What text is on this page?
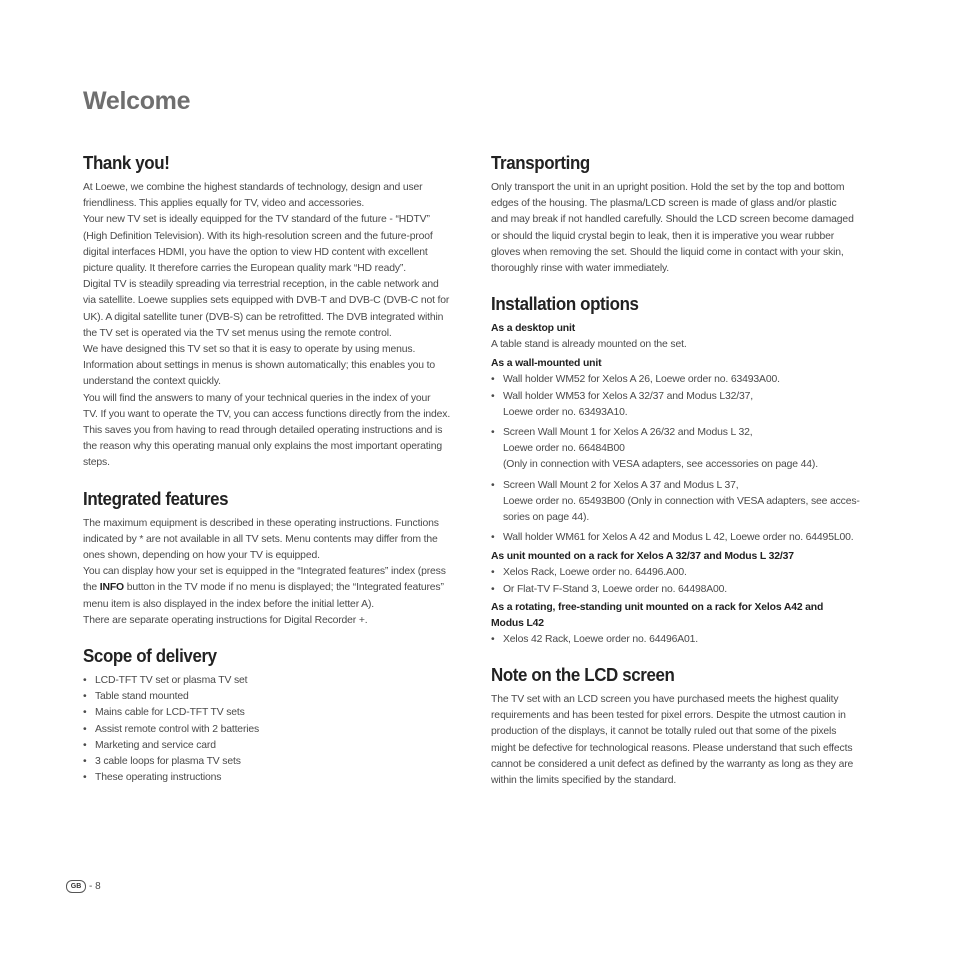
Welcome
Thank you!

At Loewe, we combine the highest standards of technology, design and user
friendliness. This applies equally for TV, video and accessories.
Your new TV set is ideally equipped for the TV standard of the future - “HDTV”
(High Definition Television). With its high-resolution screen and the future-proof
digital interfaces HDMI, you have the option to view HD content with excellent
picture quality. It therefore carries the European quality mark “HD ready”.
Digital TV is steadily spreading via terrestrial reception, in the cable network and
via satellite. Loewe supplies sets equipped with DVB-T and DVB-C (DVB-C not for
UK). A digital satellite tuner (DVB-S) can be retrofitted. The DVB integrated within
the TV set is operated via the TV set menus using the remote control.
We have designed this TV set so that it is easy to operate by using menus.
Information about settings in menus is shown automatically; this enables you to
understand the context quickly.
You will find the answers to many of your technical queries in the index of your
TV. If you want to operate the TV, you can access functions directly from the index.
This saves you from having to read through detailed operating instructions and is
the reason why this operating manual only explains the most important operating
steps.

Integrated features

The maximum equipment is described in these operating instructions. Functions
indicated by * are not available in all TV sets. Menu contents may differ from the
ones shown, depending on how your TV is equipped.
You can display how your set is equipped in the “Integrated features” index (press
the INFO button in the TV mode if no menu is displayed; the “Integrated features”
menu item is also displayed in the index before the initial letter A).
There are separate operating instructions for Digital Recorder +.

Scope of delivery
• LCD-TFT TV set or plasma TV set
• Table stand mounted
• Mains cable for LCD-TFT TV sets
• Assist remote control with 2 batteries
• Marketing and service card
• 3 cable loops for plasma TV sets
• These operating instructions
Transporting

Only transport the unit in an upright position. Hold the set by the top and bottom
edges of the housing. The plasma/LCD screen is made of glass and/or plastic
and may break if not handled carefully. Should the LCD screen become damaged
or should the liquid crystal begin to leak, then it is imperative you wear rubber
gloves when removing the set. Should the liquid come in contact with your skin,
thoroughly rinse with water immediately.

Installation options
As a desktop unit

A table stand is already mounted on the set.

As a wall-mounted unit
• Wall holder WM52 for Xelos A 26, Loewe order no. 63493A00.
• Wall holder WM53 for Xelos A 32/37 and Modus L32/37,
Loewe order no. 63493A10.
• Screen Wall Mount 1 for Xelos A 26/32 and Modus L 32,
Loewe order no. 66484B00
(Only in connection with VESA adapters, see accessories on page 44).
• Screen Wall Mount 2 for Xelos A 37 and Modus L 37,
Loewe order no. 65493B00 (Only in connection with VESA adapters, see acces-
sories on page 44).
• Wall holder WM61 for Xelos A 42 and Modus L 42, Loewe order no. 64495L00.
As unit mounted on a rack for Xelos A 32/37 and Modus L 32/37
• Xelos Rack, Loewe order no. 64496.A00.
• Or Flat-TV F-Stand 3, Loewe order no. 64498A00.
As a rotating, free-standing unit mounted on a rack for Xelos A42 and
Modus L42
• Xelos 42 Rack, Loewe order no. 64496A01.
Note on the LCD screen

The TV set with an LCD screen you have purchased meets the highest quality
requirements and has been tested for pixel errors. Despite the utmost caution in
production of the displays, it cannot be totally ruled out that some of the pixels
might be defective for technological reasons. Please understand that such effects
cannot be considered a unit defect as defined by the warranty as long as they are
within the limits specified by the standard.

GB - 8
